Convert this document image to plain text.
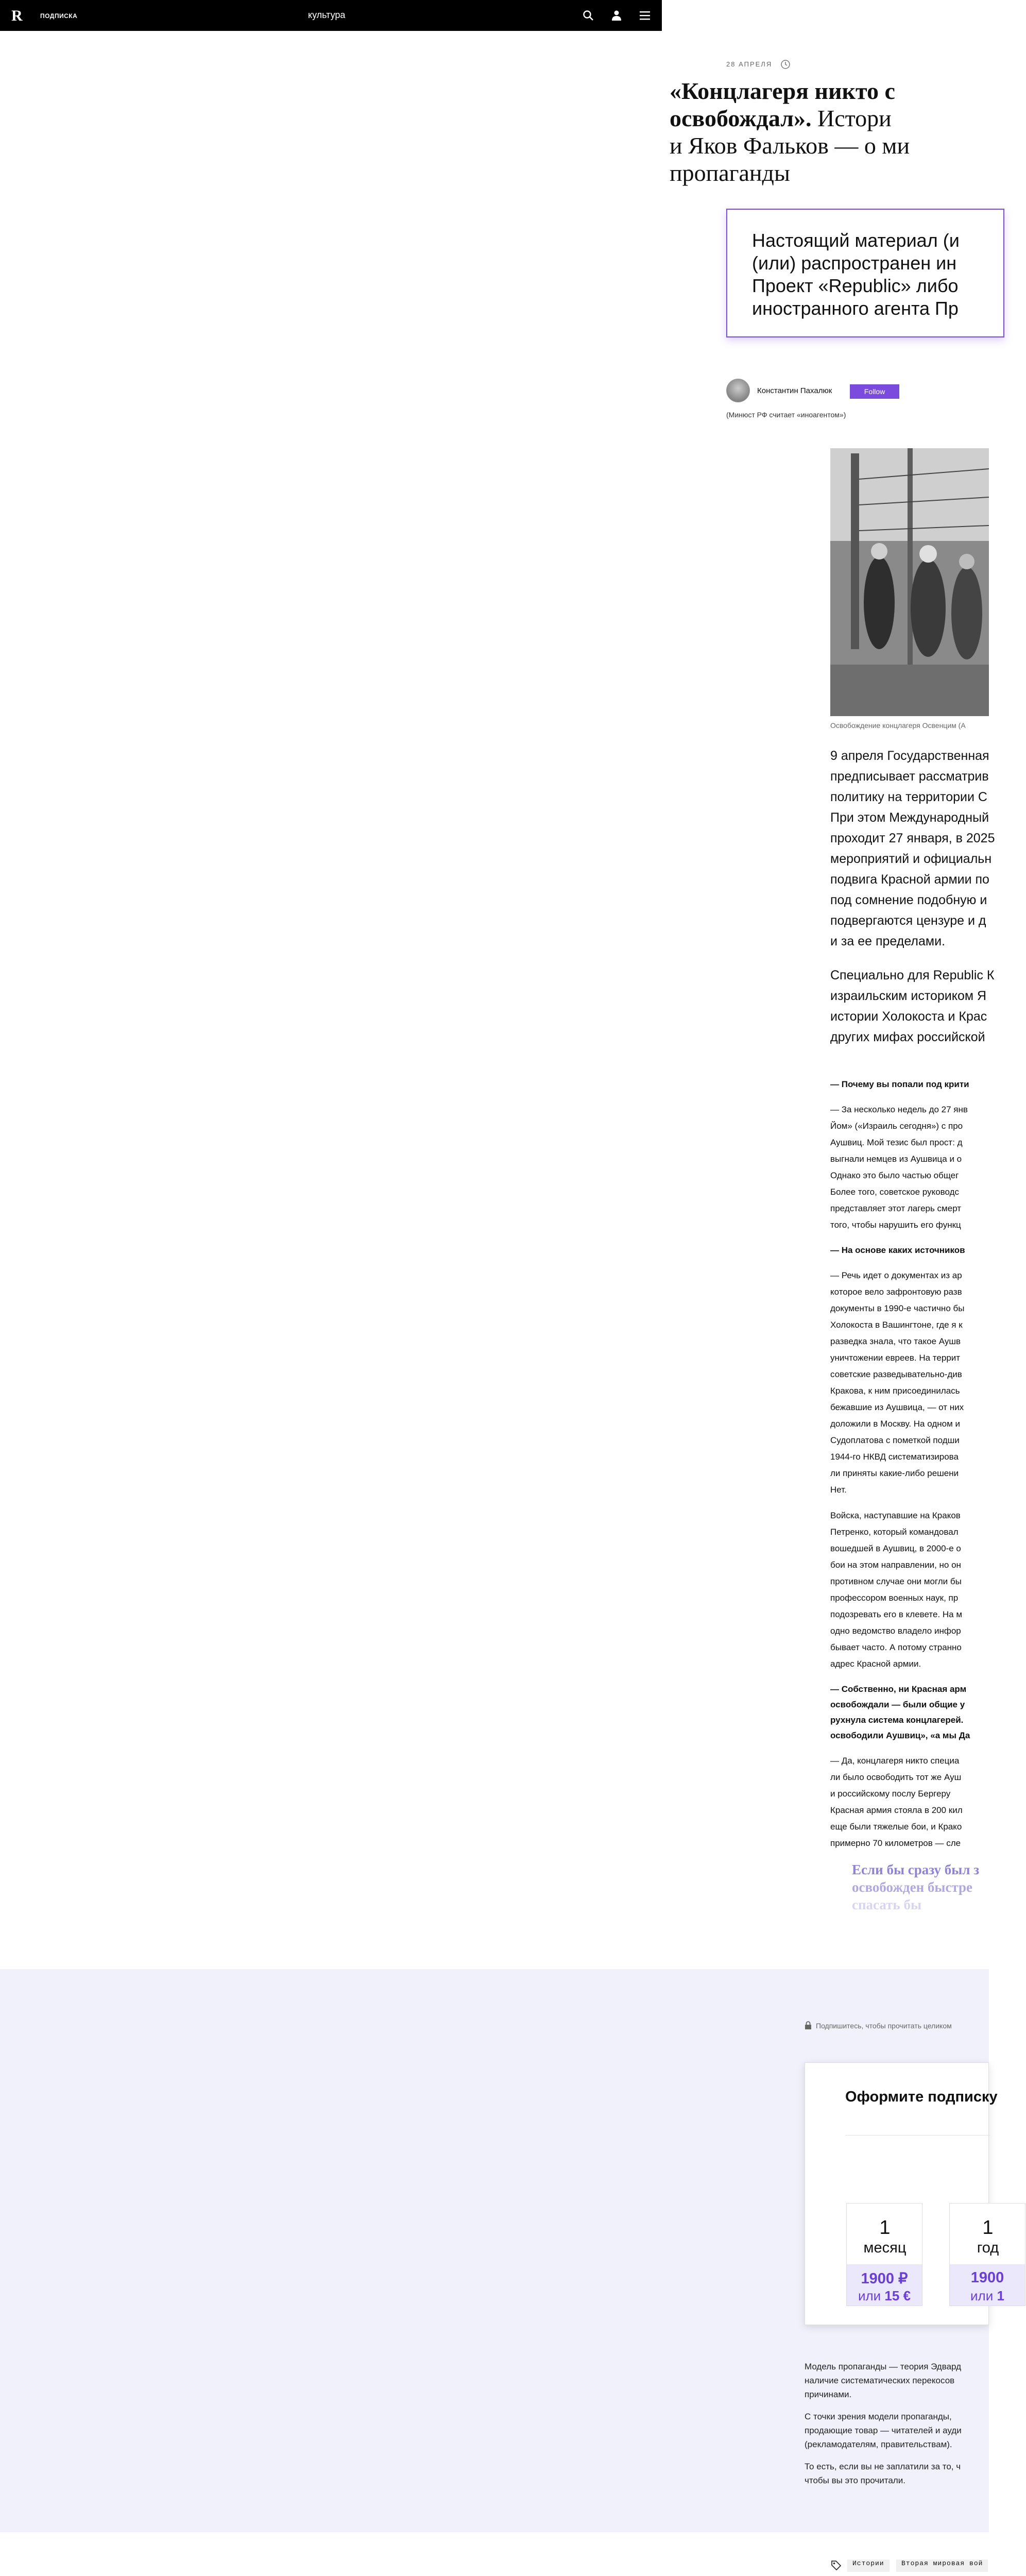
R	ПОДПИСКА	культура
28 АПРЕЛЯ
«Концлагеря никто с
освобождал». Истори
и Яков Фальков — о ми
пропаганды
Настоящий материал (и
(или) распространен ин
Проект «Republic» либо
иностранного агента Пр
Константин Пахалюк	Follow
(Минюст РФ считает «иноагентом»)
Освобождение концлагеря Освенцим (А
9 апреля Государственная
предписывает рассматрив
политику на территории С
При этом Международный
проходит 27 января, в 2025
мероприятий и официальн
подвига Красной армии по
под сомнение подобную и
подвергаются цензуре и д
и за ее пределами.
Специально для Republic К
израильским историком Я
истории Холокоста и Крас
других мифах российской
— Почему вы попали под крити
— За несколько недель до 27 янв
Йом» («Израиль сегодня») с про
Аушвиц. Мой тезис был прост: д
выгнали немцев из Аушвица и о
Однако это было частью общег
Более того, советское руководс
представляет этот лагерь смерт
того, чтобы нарушить его функц
— На основе каких источников
— Речь идет о документах из ар
которое вело зафронтовую разв
документы в 1990-е частично бы
Холокоста в Вашингтоне, где я к
разведка знала, что такое Аушв
уничтожении евреев. На террит
советские разведывательно-див
Кракова, к ним присоединилась
бежавшие из Аушвица, — от них
доложили в Москву. На одном и
Судоплатова с пометкой подши
1944-го НКВД систематизирова
ли приняты какие-либо решени
Нет.
Войска, наступавшие на Краков
Петренко, который командовал
вошедшей в Аушвиц, в 2000-е о
бои на этом направлении, но он
противном случае они могли бы
профессором военных наук, пр
подозревать его в клевете. На м
одно ведомство владело инфор
бывает часто. А потому странно
адрес Красной армии.
— Собственно, ни Красная арм
освобождали — были общие у
рухнула система концлагерей.
освободили Аушвиц», «а мы Да
— Да, концлагеря никто специа
ли было освободить тот же Ауш
и российскому послу Бергеру
Красная армия стояла в 200 кил
еще были тяжелые бои, и Крако
примерно 70 километров — сле
Если бы сразу был з
освобожден быстре
спасать бы
Подпишитесь, чтобы прочитать целиком
Оформите подписку
1
месяц
1900 ₽
или 15 €
1
год
1900
или 1
Модель пропаганды — теория Эдвард
наличие систематических перекосов
причинами.
С точки зрения модели пропаганды,
продающие товар — читателей и ауди
(рекламодателям, правительствам).
То есть, если вы не заплатили за то, ч
чтобы вы это прочитали.
Истории	Вторая мировая вой
